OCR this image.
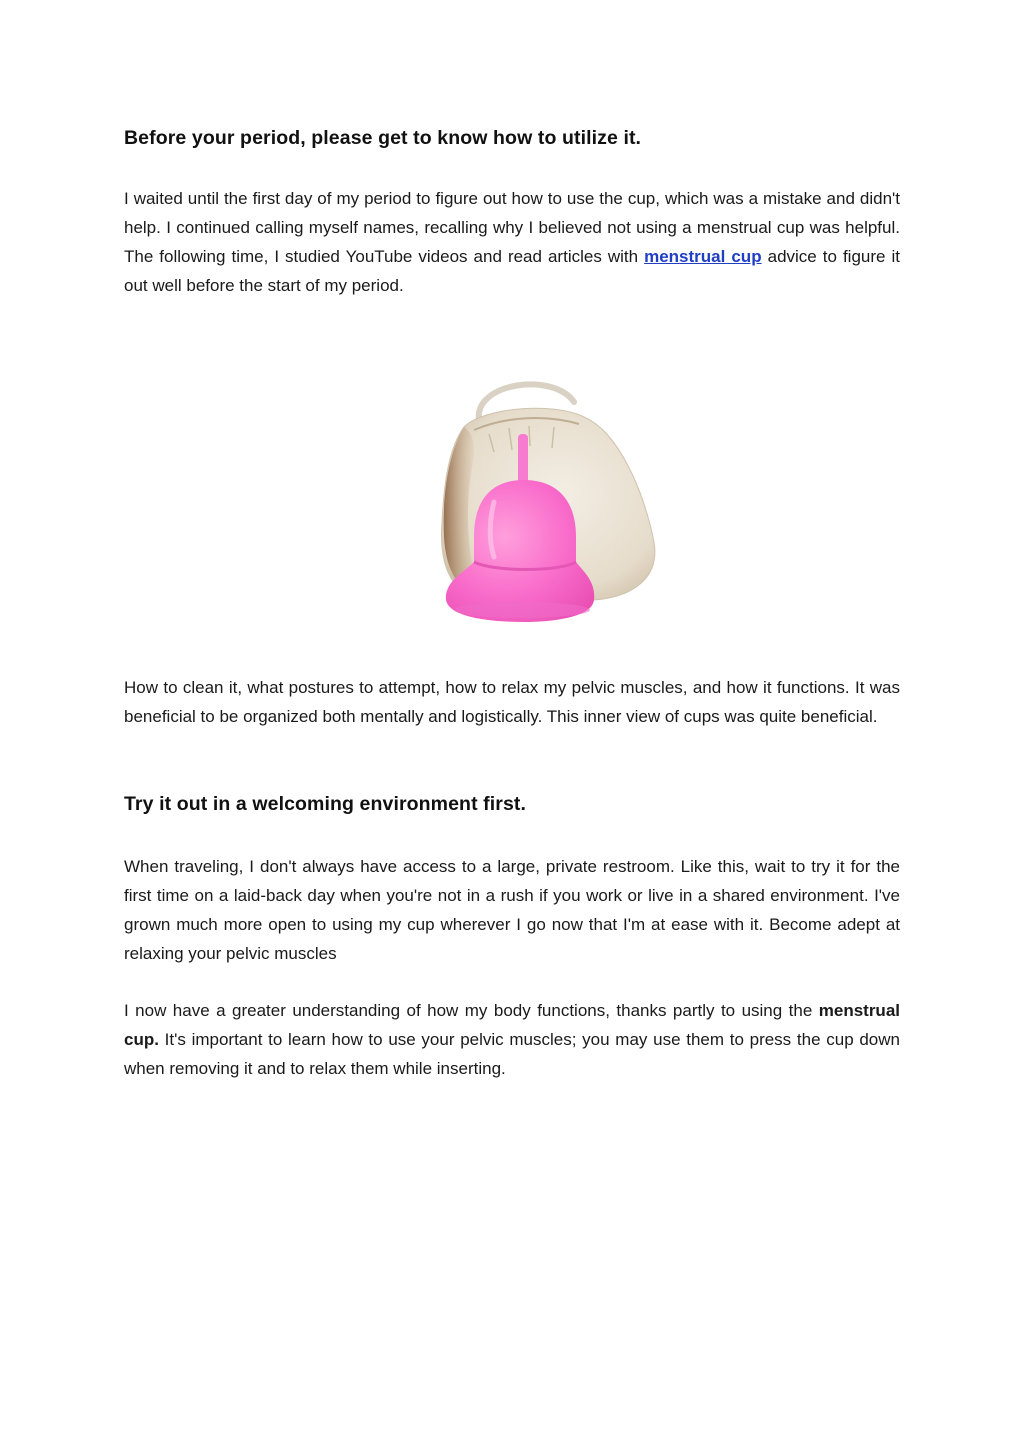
Before your period, please get to know how to utilize it.

I waited until the first day of my period to figure out how to use the cup, which was a mistake and didn't help. I continued calling myself names, recalling why I believed not using a menstrual cup was helpful. The following time, I studied YouTube videos and read articles with menstrual cup advice to figure it out well before the start of my period.

How to clean it, what postures to attempt, how to relax my pelvic muscles, and how it functions. It was beneficial to be organized both mentally and logistically. This inner view of cups was quite beneficial.

Try it out in a welcoming environment first.

When traveling, I don't always have access to a large, private restroom. Like this, wait to try it for the first time on a laid-back day when you're not in a rush if you work or live in a shared environment. I've grown much more open to using my cup wherever I go now that I'm at ease with it. Become adept at relaxing your pelvic muscles

I now have a greater understanding of how my body functions, thanks partly to using the menstrual cup. It's important to learn how to use your pelvic muscles; you may use them to press the cup down when removing it and to relax them while inserting.
